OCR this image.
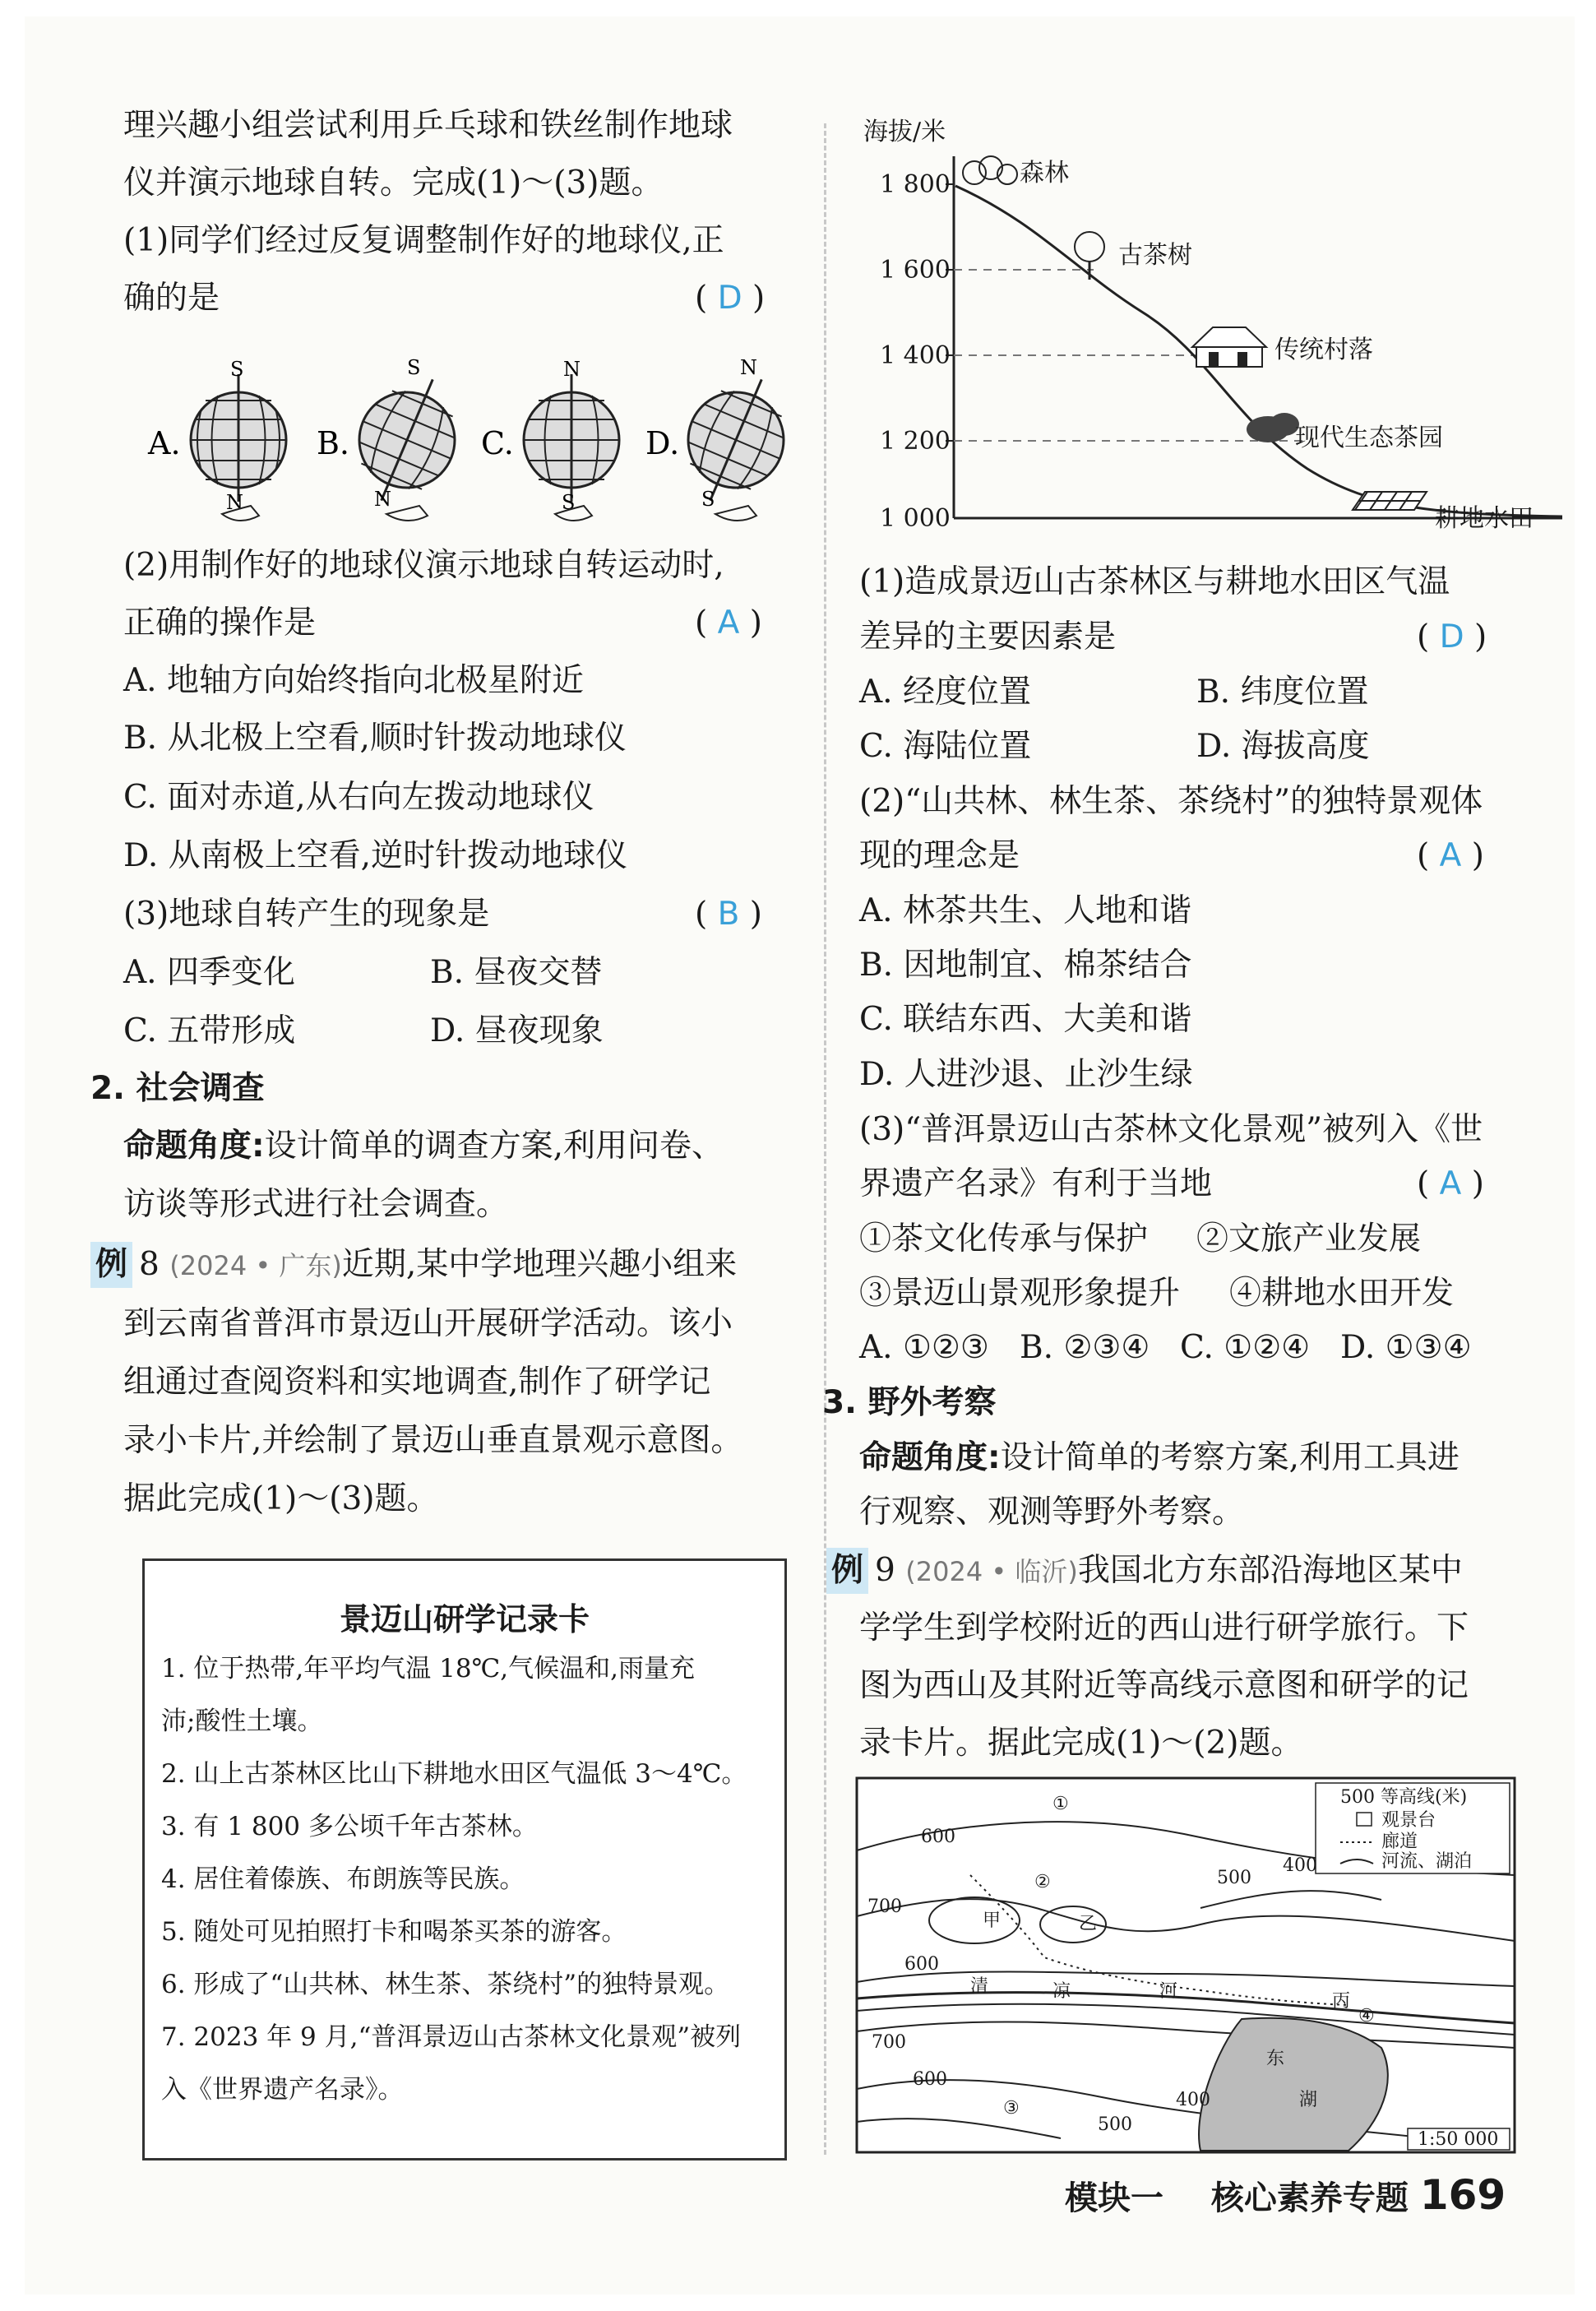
理兴趣小组尝试利用乒乓球和铁丝制作地球
仪并演示地球自转。完成(1)～(3)题。
(1)同学们经过反复调整制作好的地球仪,正
确的是	( D )
A.	B.	C.	D.
S
N
S
N
N
S
N
S
(2)用制作好的地球仪演示地球自转运动时,
正确的操作是	( A )
A. 地轴方向始终指向北极星附近
B. 从北极上空看,顺时针拨动地球仪
C. 面对赤道,从右向左拨动地球仪
D. 从南极上空看,逆时针拨动地球仪
(3)地球自转产生的现象是	( B )
A. 四季变化	B. 昼夜交替
C. 五带形成	D. 昼夜现象
2. 社会调查
命题角度:设计简单的调查方案,利用问卷、
访谈等形式进行社会调查。
例 8 (2024 • 广东)近期,某中学地理兴趣小组来
到云南省普洱市景迈山开展研学活动。该小
组通过查阅资料和实地调查,制作了研学记
录小卡片,并绘制了景迈山垂直景观示意图。
据此完成(1)～(3)题。
景迈山研学记录卡
1. 位于热带,年平均气温 18℃,气候温和,雨量充
沛;酸性土壤。
2. 山上古茶林区比山下耕地水田区气温低 3～4℃。
3. 有 1 800 多公顷千年古茶林。
4. 居住着傣族、布朗族等民族。
5. 随处可见拍照打卡和喝茶买茶的游客。
6. 形成了“山共林、林生茶、茶绕村”的独特景观。
7. 2023 年 9 月,“普洱景迈山古茶林文化景观”被列
入《世界遗产名录》。
海拔/米
1 800
1 600
1 400
1 200
1 000
森林
古茶树
传统村落
现代生态茶园
耕地水田
(1)造成景迈山古茶林区与耕地水田区气温
差异的主要因素是	( D )
A. 经度位置	B. 纬度位置
C. 海陆位置	D. 海拔高度
(2)“山共林、林生茶、茶绕村”的独特景观体
现的理念是	( A )
A. 林茶共生、人地和谐
B. 因地制宜、棉茶结合
C. 联结东西、大美和谐
D. 人进沙退、止沙生绿
(3)“普洱景迈山古茶林文化景观”被列入《世
界遗产名录》有利于当地	( A )
①茶文化传承与保护 ②文旅产业发展
③景迈山景观形象提升 ④耕地水田开发
A. ①②③ B. ②③④ C. ①②④ D. ①③④
3. 野外考察
命题角度:设计简单的考察方案,利用工具进
行观察、观测等野外考察。
例 9 (2024 • 临沂)我国北方东部沿海地区某中
学学生到学校附近的西山进行研学旅行。下
图为西山及其附近等高线示意图和研学的记
录卡片。据此完成(1)～(2)题。
500 等高线(米)
观景台
廊道
河流、湖泊
600
700
600
500
400
700
600
500
400
①
②
③
④
甲	乙
丙
清	凉	河
东
湖
1:50 000
模块一 核心素养专题 169
